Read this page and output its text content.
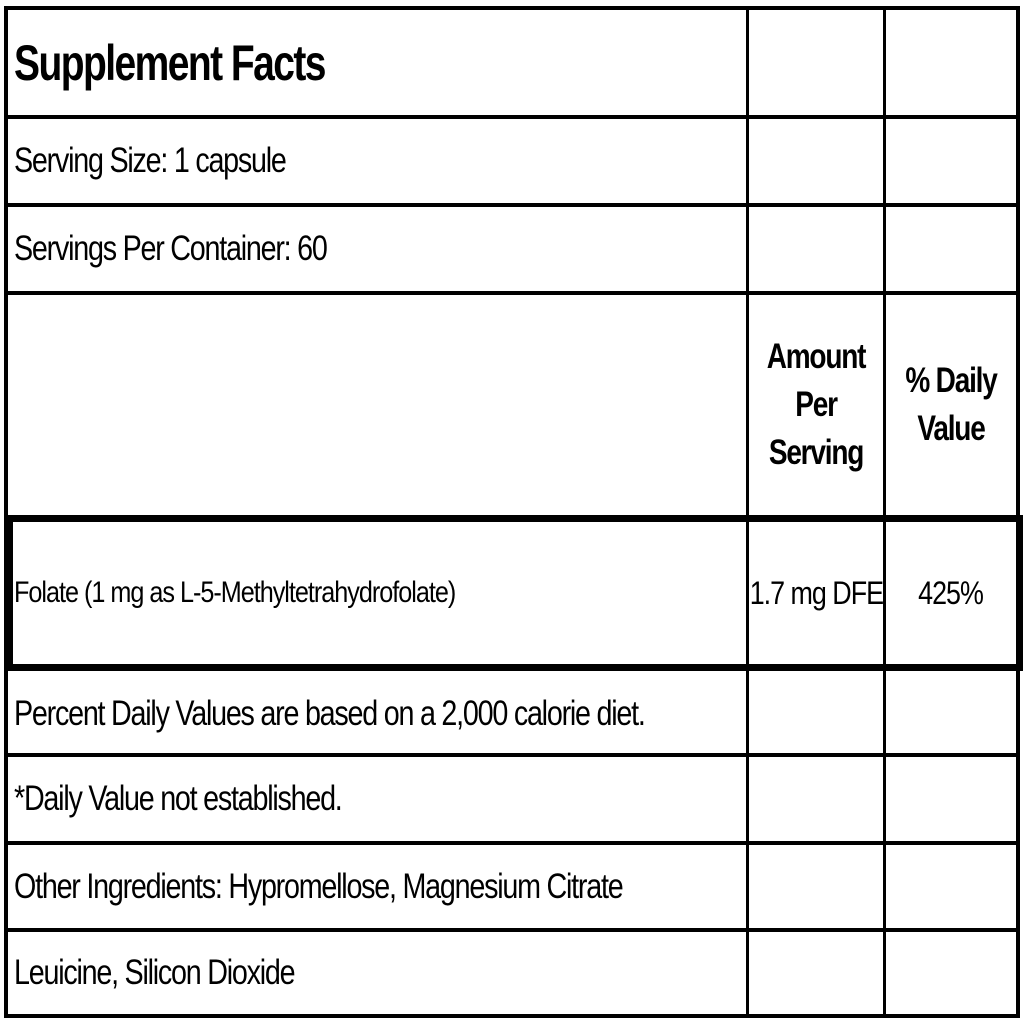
Supplement Facts
Serving Size: 1 capsule
Servings Per Container: 60
Amount
Per Serving
% Daily
Value
Folate (1 mg as L-5-Methyltetrahydrofolate)	1.7 mg DFE 425%
Percent Daily Values are based on a 2,000 calorie diet.
*Daily Value not established.
Other Ingredients: Hypromellose, Magnesium Citrate
Leuicine, Silicon Dioxide
